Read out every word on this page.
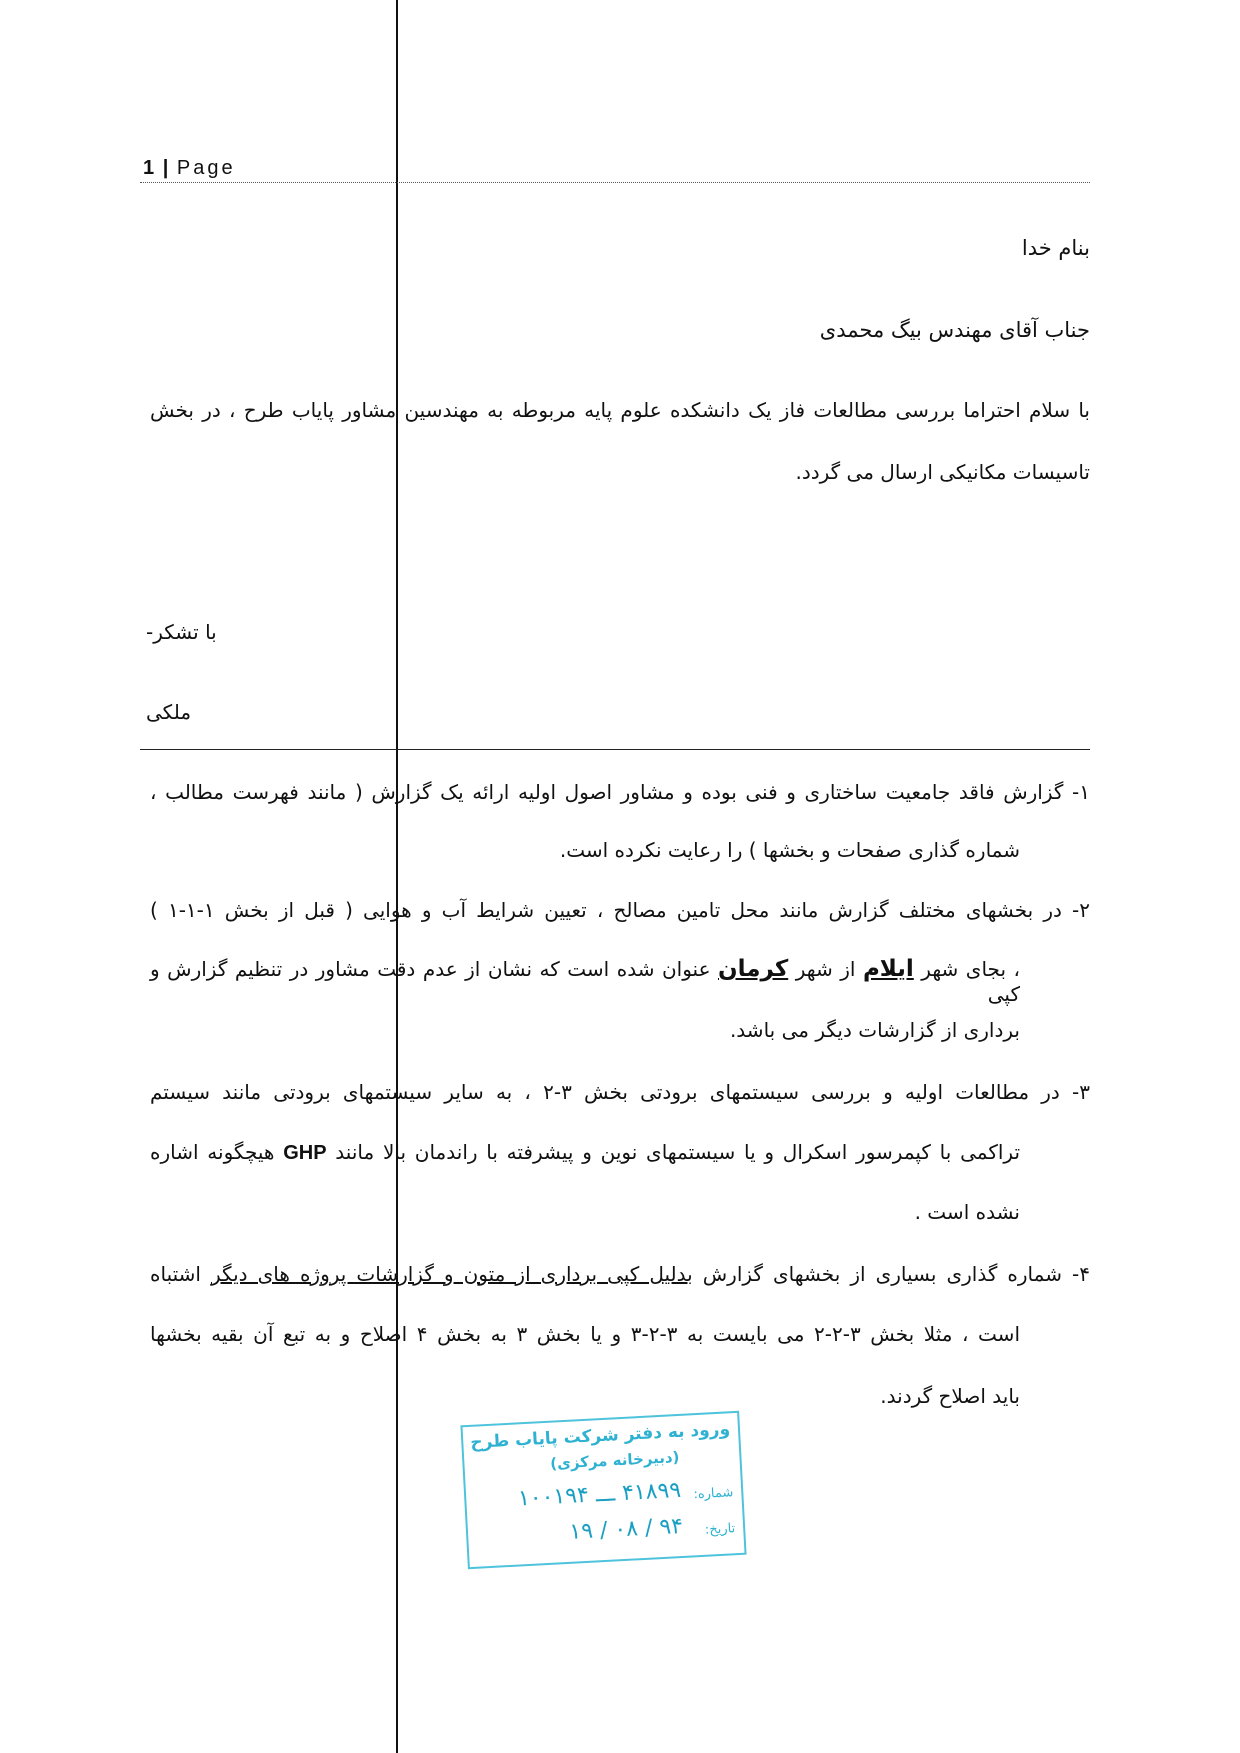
1 | Page
بنام خدا
جناب آقای مهندس بیگ محمدی
با سلام احتراما بررسی مطالعات فاز یک دانشکده علوم پایه مربوطه به مهندسین مشاور پایاب طرح ، در بخش
تاسیسات مکانیکی ارسال می گردد.
با تشکر-
ملکی
۱- گزارش فاقد جامعیت ساختاری و فنی بوده و مشاور اصول اولیه ارائه یک گزارش ( مانند فهرست مطالب ،
شماره گذاری صفحات و بخشها ) را رعایت نکرده است.
۲- در بخشهای مختلف گزارش مانند محل تامین مصالح ، تعیین شرایط آب و هوایی ( قبل از بخش ۱-۱-۱ )
، بجای شهر ایلام از شهر کرمان عنوان شده است که نشان از عدم دقت مشاور در تنظیم گزارش و کپی
برداری از گزارشات دیگر می باشد.
۳- در مطالعات اولیه و بررسی سیستمهای برودتی بخش ۳-۲ ، به سایر سیستمهای برودتی مانند سیستم
تراکمی با کپمرسور اسکرال و یا سیستمهای نوین و پیشرفته با راندمان بالا مانند GHP هیچگونه اشاره
نشده است .
۴- شماره گذاری بسیاری از بخشهای گزارش بدلیل کپی برداری از متون و گزارشات پروژه های دیگر اشتباه
است ، مثلا بخش ۳-۲-۲ می بایست به ۳-۲-۳ و یا بخش ۳ به بخش ۴ اصلاح و به تبع آن بقیه بخشها
باید اصلاح گردند.
ورود به دفتر شرکت پایاب طرح
(دبیرخانه مرکزی)
شماره:
۴۱۸۹۹ ـــ ۱۰۰۱۹۴
تاریخ:
۹۴ / ۰۸ / ۱۹
